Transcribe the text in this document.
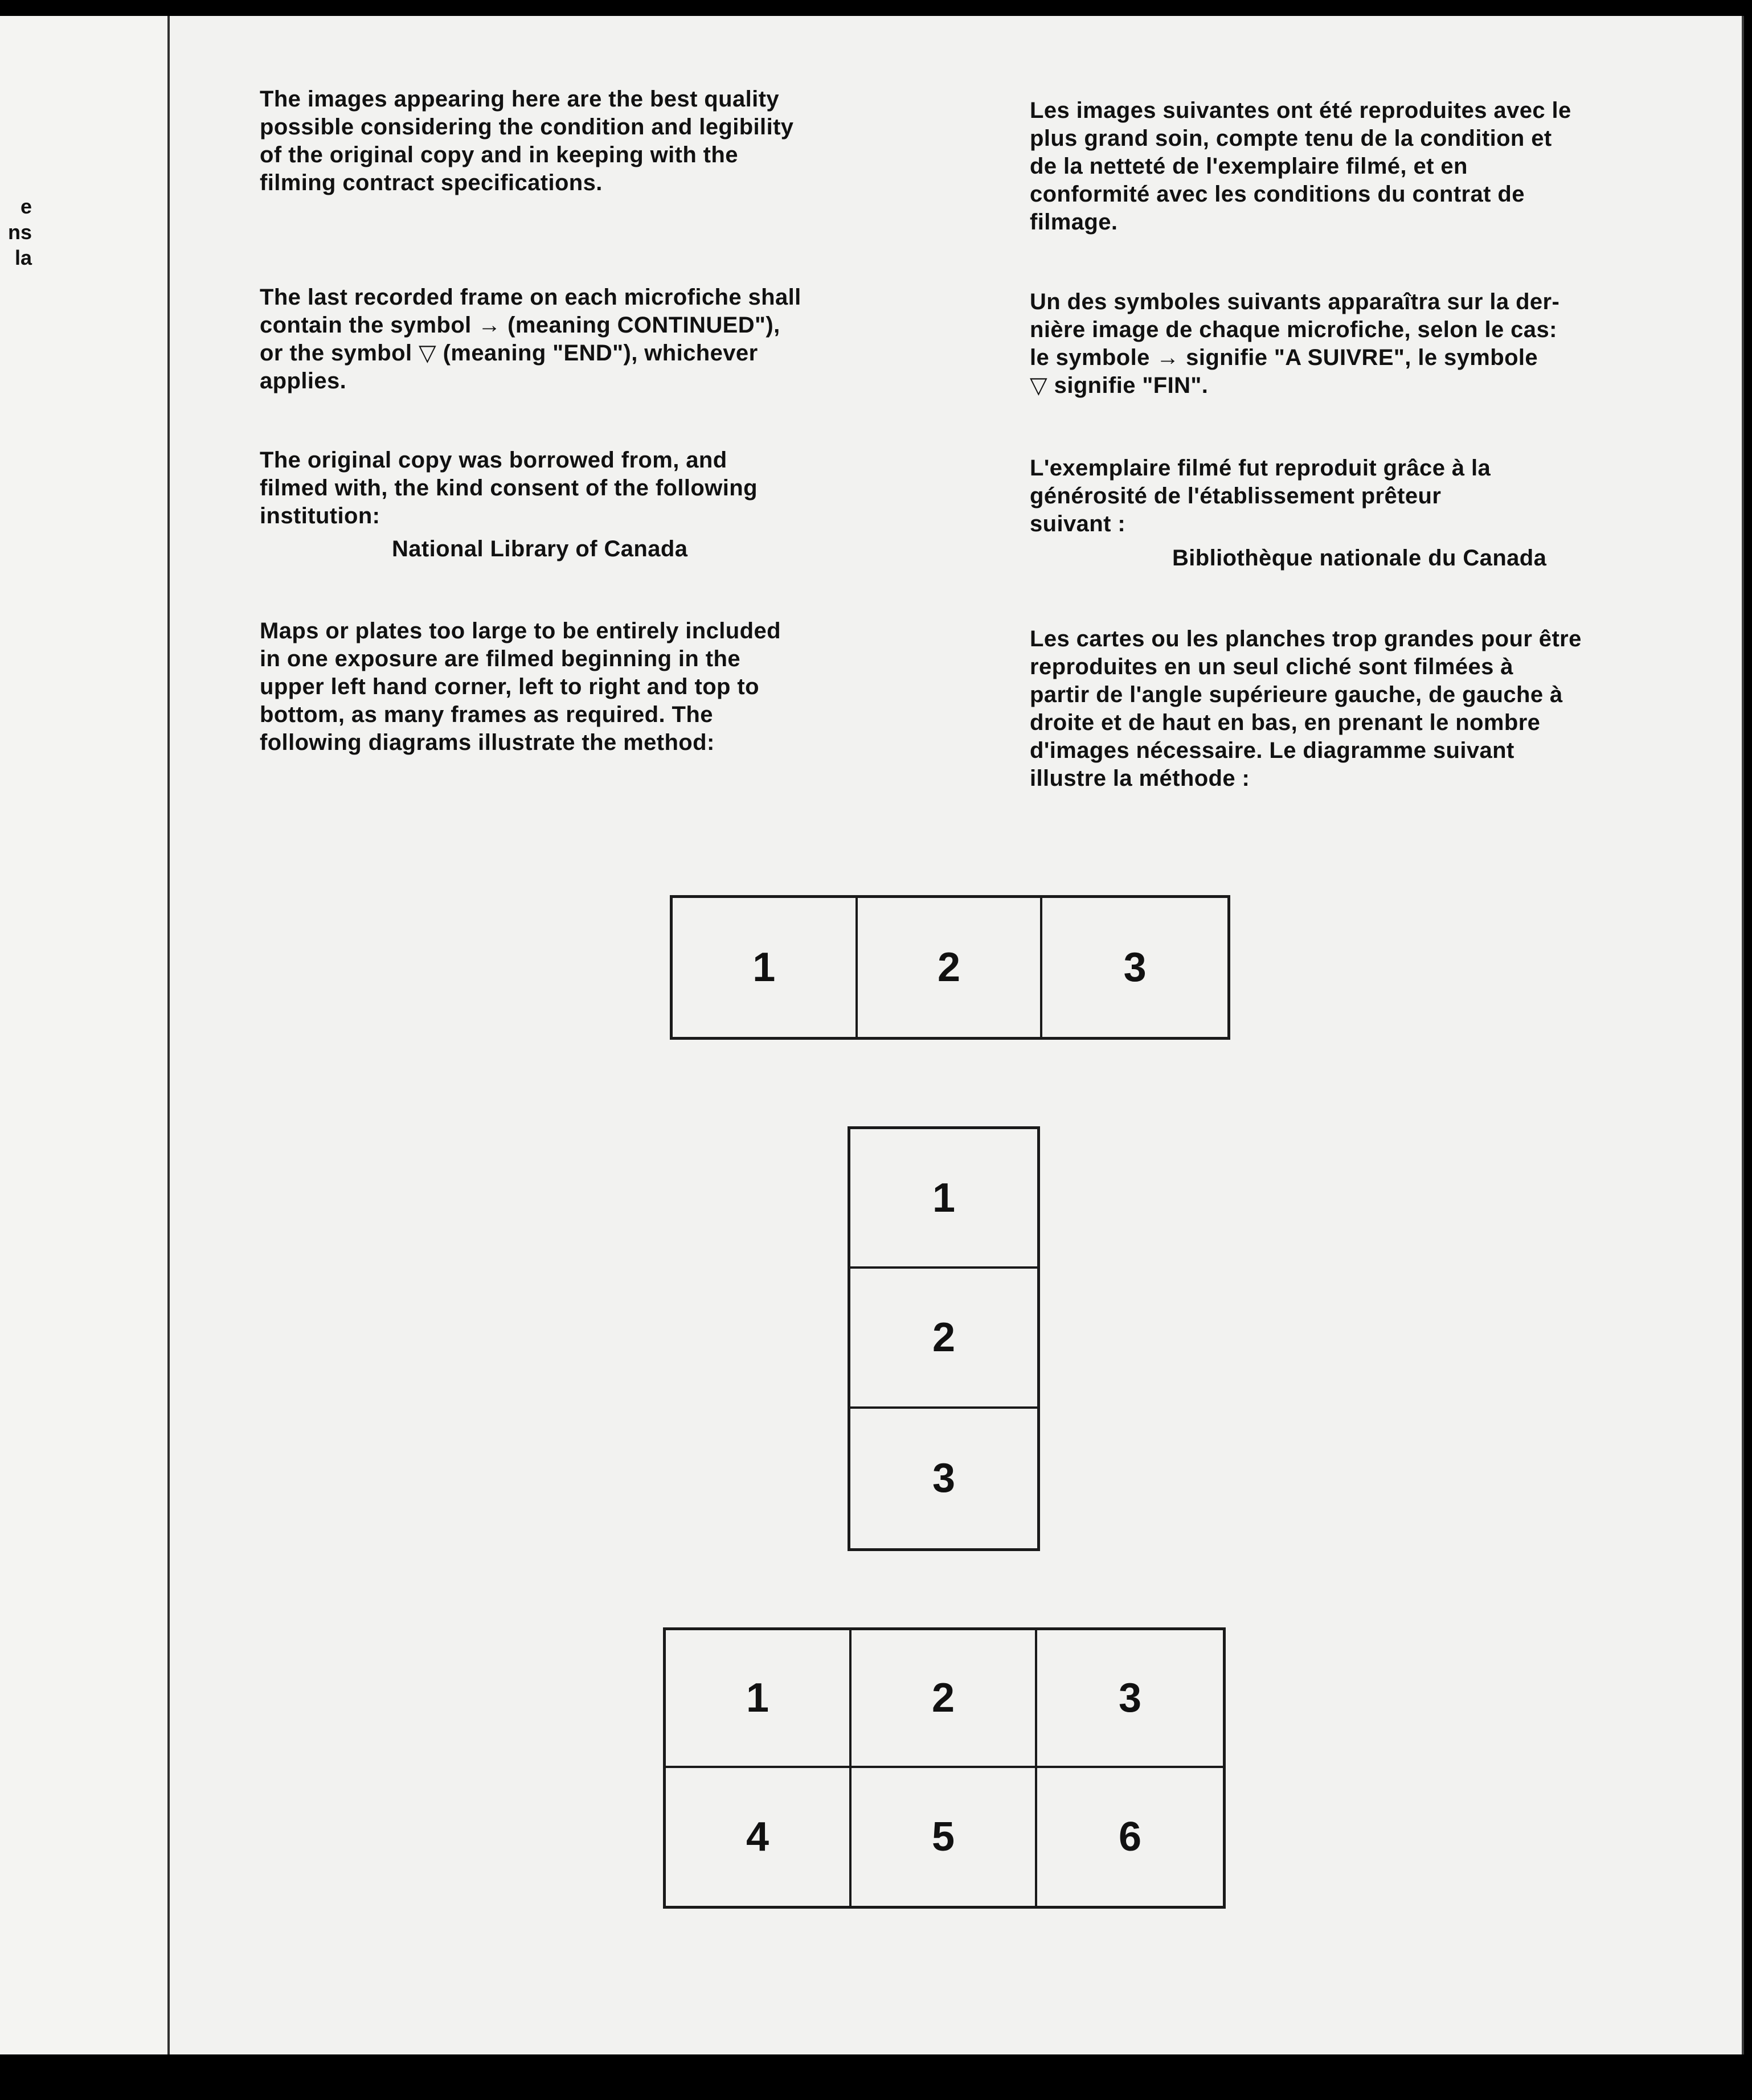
e
ns
la

The images appearing here are the best quality
possible considering the condition and legibility
of the original copy and in keeping with the
filming contract specifications.

The last recorded frame on each microfiche shall
contain the symbol → (meaning CONTINUED"),
or the symbol ▽ (meaning "END"), whichever
applies.

The original copy was borrowed from, and
filmed with, the kind consent of the following
institution:

National Library of Canada

Maps or plates too large to be entirely included
in one exposure are filmed beginning in the
upper left hand corner, left to right and top to
bottom, as many frames as required. The
following diagrams illustrate the method:

Les images suivantes ont été reproduites avec le
plus grand soin, compte tenu de la condition et
de la netteté de l'exemplaire filmé, et en
conformité avec les conditions du contrat de
filmage.

Un des symboles suivants apparaîtra sur la der-
nière image de chaque microfiche, selon le cas:
le symbole → signifie "A SUIVRE", le symbole
▽ signifie "FIN".

L'exemplaire filmé fut reproduit grâce à la
générosité de l'établissement prêteur
suivant :

Bibliothèque nationale du Canada

Les cartes ou les planches trop grandes pour être
reproduites en un seul cliché sont filmées à
partir de l'angle supérieure gauche, de gauche à
droite et de haut en bas, en prenant le nombre
d'images nécessaire. Le diagramme suivant
illustre la méthode :

1	2	3
1
2
3
1	2	3
4	5	6
